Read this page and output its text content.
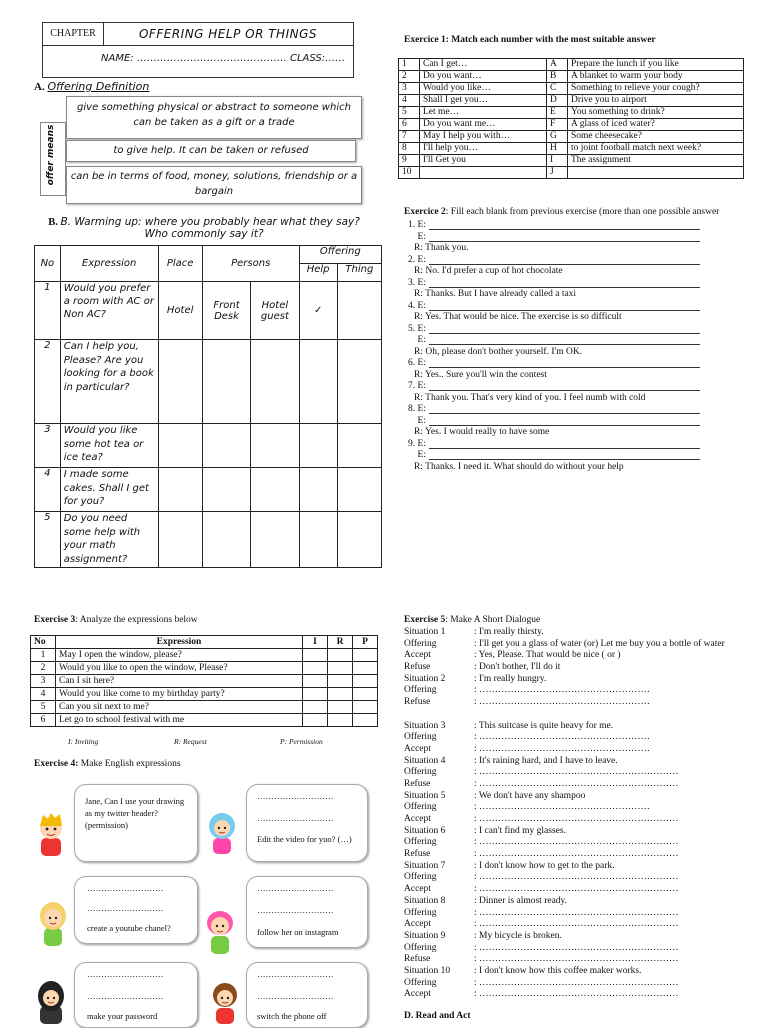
CHAPTER	OFFERING HELP OR THINGS
NAME: ……………………………………… CLASS:……
A. Offering Definition
offer means
give something physical or abstract to someone which can be taken as a gift or a trade
to give help. It can be taken or refused
can be in terms of food, money, solutions, friendship or a bargain
B. B. Warming up: where you probably hear what they say?
Who commonly say it?
No	Expression	Place	Persons		Offering	
					Help	Thing
1	Would you prefer a room with AC or Non AC?	Hotel	Front Desk	Hotel guest	✓	
2	Can I help you, Please? Are you looking for a book in particular?					
3	Would you like some hot tea or ice tea?					
4	I made some cakes. Shall I get for you?					
5	Do you need some help with your math assignment?					
Exercice 1: Match each number with the most suitable answer
1	Can I get…	A	Prepare the lunch if you like
2	Do you want…	B	A blanket to warm your body
3	Would you like…	C	Something to relieve your cough?
4	Shall I get you…	D	Drive you to airport
5	Let me…	E	You something to drink?
6	Do you want me…	F	A glass of iced water?
7	May I help you with…	G	Some cheesecake?
8	I'll help you…	H	to joint football match next week?
9	I'll Get you	I	The assignment
10		J	
Exercice 2: Fill each blank from previous exercise (more than one possible answer
1. E:
E:
R: Thank you.
2. E:
R: No. I'd prefer a cup of hot chocolate
3. E:
R: Thanks. But I have already called a taxi
4. E:
R: Yes. That would be nice. The exercise is so difficult
5. E:
E:
R: Oh, please don't bother yourself. I'm OK.
6. E:
R: Yes.. Sure you'll win the contest
7. E:
R: Thank you. That's very kind of you. I feel numb with cold
8. E:
E:
R: Yes. I would really to have some
9. E:
E:
R: Thanks. I need it. What should do without your help
Exercise 3: Analyze the expressions below
No	Expression	I	R	P
1	May I open the window, please?			
2	Would you like to open the window, Please?			
3	Can I sit here?			
4	Would you like come to my birthday party?			
5	Can you sit next to me?			
6	Let go to school festival with me			
I: Inviting	R: Request	P: Permission
Exercise 4: Make English expressions
Jane, Can I use your drawing as my twitter header? (permission)
………………………
………………………
Edit the video for yuo? (…)
………………………
………………………
create a youtube chanel?
………………………
………………………
follow her on instagram
………………………
………………………
make your password
………………………
………………………
switch the phone off
Exercise 5: Make A Short Dialogue
Situation 1	: I'm really thirsty.
Offering	: I'll get you a glass of water (or) Let me buy you a bottle of water
Accept	: Yes, Please. That would be nice ( or )
Refuse	: Don't bother, I'll do it
Situation 2	: I'm really hungry.
Offering	: ………………………………………………
Refuse	: ………………………………………………
Situation 3	: This suitcase is quite heavy for me.
Offering	: ………………………………………………
Accept	: ………………………………………………
Situation 4	: It's raining hard, and I have to leave.
Offering	: ………………………………………………………
Refuse	: ………………………………………………………
Situation 5	: We don't have any shampoo
Offering	: ………………………………………………
Accept	: ………………………………………………………
Situation 6	: I can't find my glasses.
Offering	: ………………………………………………………
Refuse	: ………………………………………………………
Situation 7	: I don't know how to get to the park.
Offering	: ………………………………………………………
Accept	: ………………………………………………………
Situation 8	: Dinner is almost ready.
Offering	: ………………………………………………………
Accept	: ………………………………………………………
Situation 9	: My bicycle is broken.
Offering	: ………………………………………………………
Refuse	: ………………………………………………………
Situation 10	: I don't know how this coffee maker works.
Offering	: ………………………………………………………
Accept	: ………………………………………………………
D. Read and Act
